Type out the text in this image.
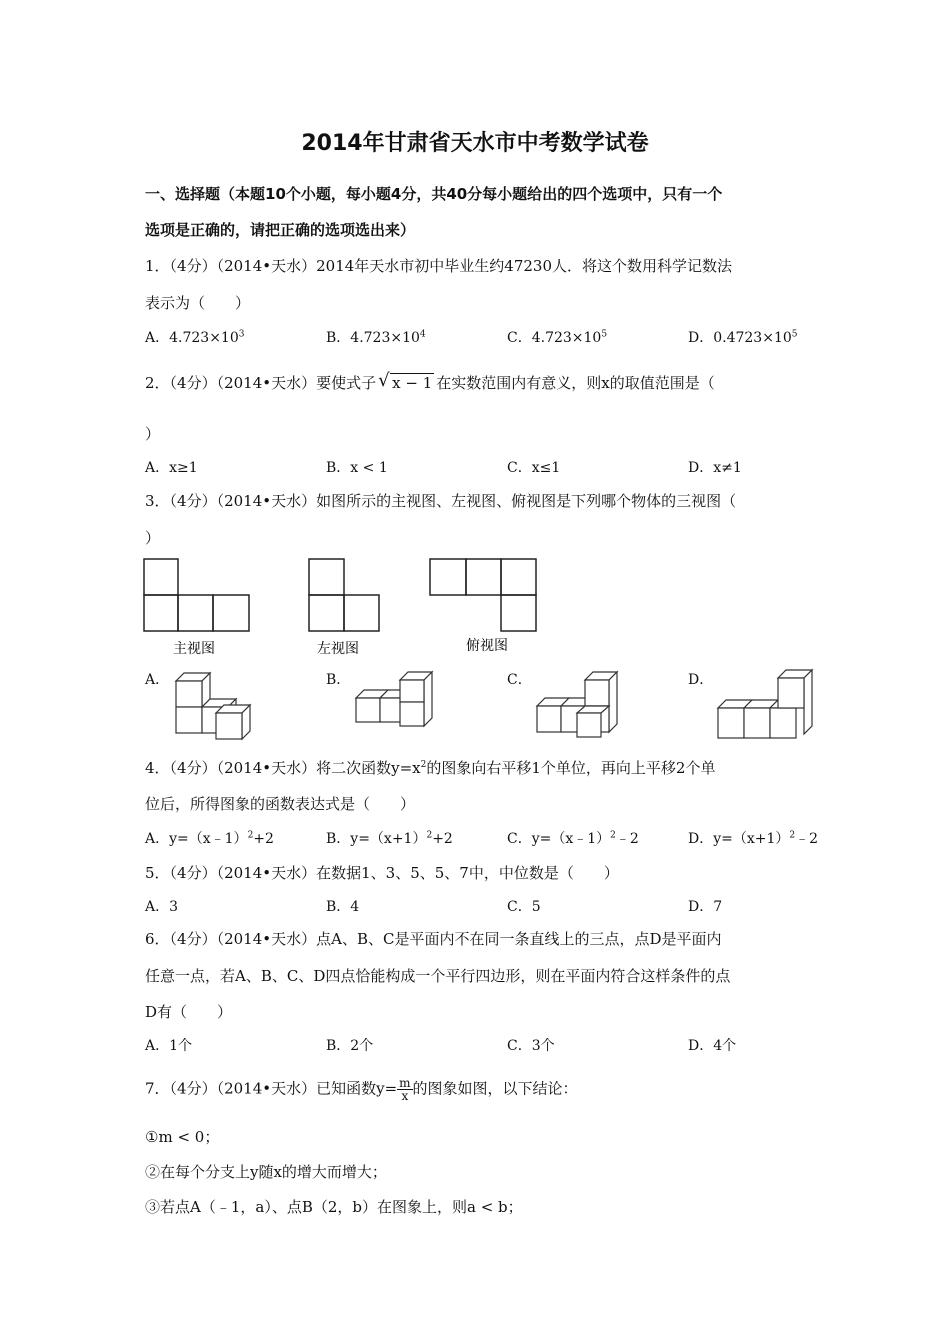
2014年甘肃省天水市中考数学试卷
一、选择题（本题10个小题，每小题4分，共40分每小题给出的四个选项中，只有一个
选项是正确的，请把正确的选项选出来）
1．（4分）（2014•天水）2014年天水市初中毕业生约47230人．将这个数用科学记数法
表示为（　　）
A．$4.723\times 10^3$	B．$4.723\times 10^4$	C．$4.723\times 10^5$	D．$0.4723\times 10^5$
2．（4分）（2014•天水）要使式子 √ x − 1 在实数范围内有意义，则x的取值范围是（
）
A．x≥1	B．x < 1	C．x≤1	D．x≠1
3．（4分）（2014•天水）如图所示的主视图、左视图、俯视图是下列哪个物体的三视图（
）
主视图	左视图	俯视图
A．	B．	C．	D．
4．（4分）（2014•天水）将二次函数$y=x^2$的图象向右平移1个单位，再向上平移2个单
位后，所得图象的函数表达式是（　　）
A．y=（x﹣1）$^2$+2	B．$y=(x+1)^2+2$	C．y=（x﹣1）$^2$﹣2	D．$y=(x+1)^2﹣2$
5．（4分）（2014•天水）在数据1、3、5、5、7中，中位数是（　　）
A．3	B．4	C．5	D．7
6．（4分）（2014•天水）点A、B、C是平面内不在同一条直线上的三点，点D是平面内
任意一点，若A、B、C、D四点恰能构成一个平行四边形，则在平面内符合这样条件的点
D有（　　）
A．1个	B．2个	C．3个	D．4个
7．（4分）（2014•天水）已知函数$y= \frac{m}{x}$ 的图象如图，以下结论：
①m < 0；
②在每个分支上y随x的增大而增大；
③若点A（﹣1，a）、点B（2，b）在图象上，则a < b；
